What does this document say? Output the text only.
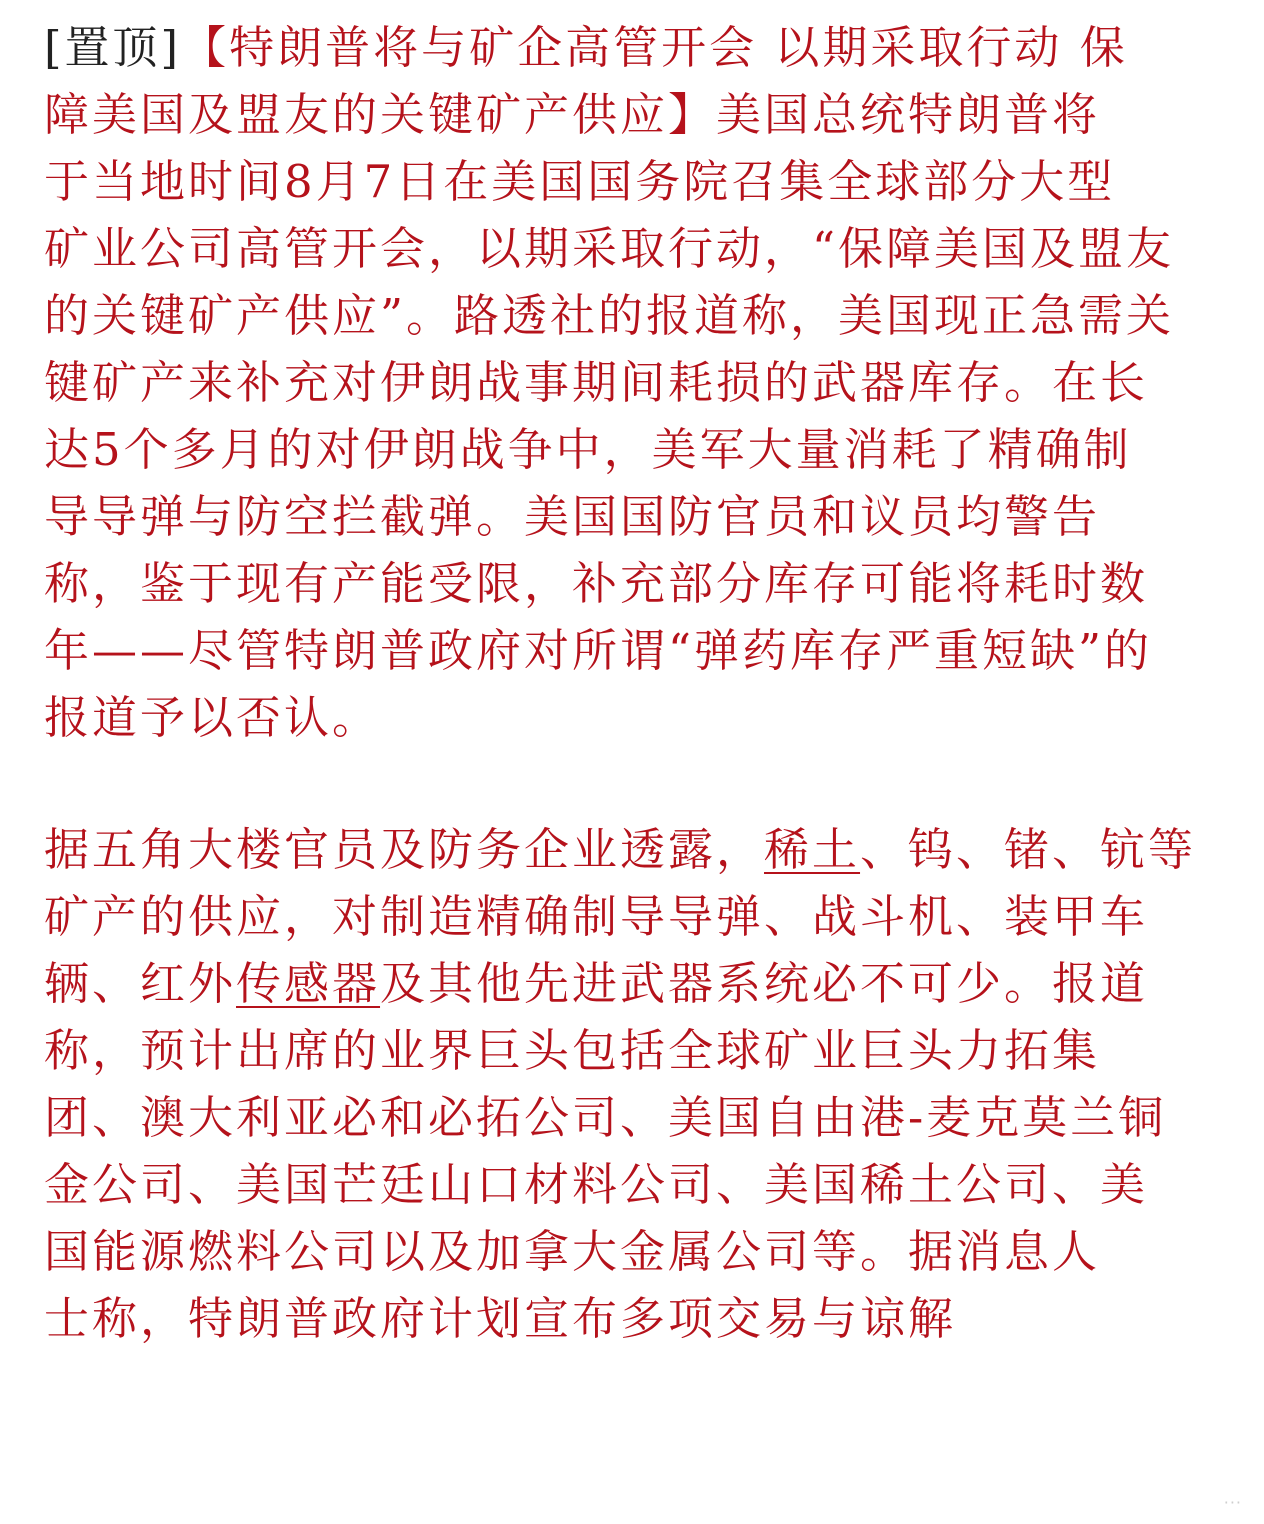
[置顶]【特朗普将与矿企高管开会 以期采取行动 保
障美国及盟友的关键矿产供应】美国总统特朗普将
于当地时间8月7日在美国国务院召集全球部分大型
矿业公司高管开会，以期采取行动，“保障美国及盟友
的关键矿产供应”。路透社的报道称，美国现正急需关
键矿产来补充对伊朗战事期间耗损的武器库存。在长
达5个多月的对伊朗战争中，美军大量消耗了精确制
导导弹与防空拦截弹。美国国防官员和议员均警告
称，鉴于现有产能受限，补充部分库存可能将耗时数
年——尽管特朗普政府对所谓“弹药库存严重短缺”的
报道予以否认。

据五角大楼官员及防务企业透露，稀土、钨、锗、钪等
矿产的供应，对制造精确制导导弹、战斗机、装甲车
辆、红外传感器及其他先进武器系统必不可少。报道
称，预计出席的业界巨头包括全球矿业巨头力拓集
团、澳大利亚必和必拓公司、美国自由港-麦克莫兰铜
金公司、美国芒廷山口材料公司、美国稀土公司、美
国能源燃料公司以及加拿大金属公司等。据消息人
士称，特朗普政府计划宣布多项交易与谅解

···
